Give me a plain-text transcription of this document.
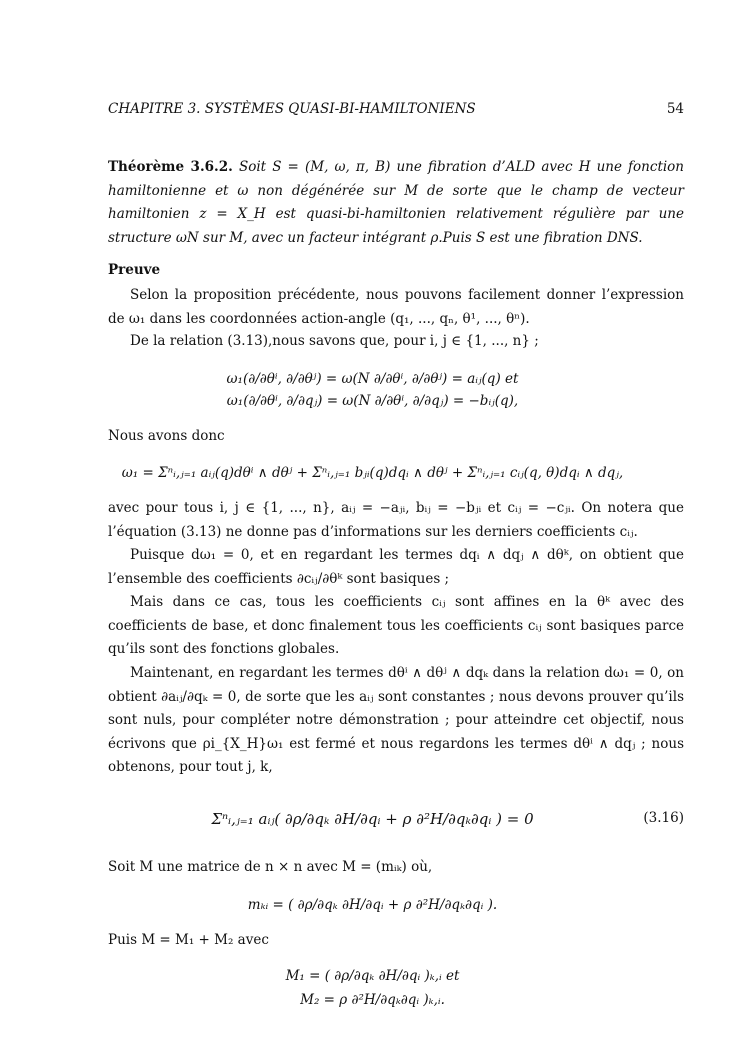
CHAPITRE 3. SYSTÈMES QUASI-BI-HAMILTONIENS	54
Théorème 3.6.2. Soit S = (M, ω, π, B) une fibration d’ALD avec H une fonction hamiltonienne et ω non dégénérée sur M de sorte que le champ de vecteur hamiltonien z = X_H est quasi-bi-hamiltonien relativement régulière par une structure ωN sur M, avec un facteur intégrant ρ.Puis S est une fibration DNS.
Preuve
Selon la proposition précédente, nous pouvons facilement donner l’expression de ω₁ dans les coordonnées action-angle (q₁, ..., qₙ, θ¹, ..., θⁿ).
De la relation (3.13),nous savons que, pour i, j ∈ {1, ..., n} ;
ω₁(∂/∂θⁱ, ∂/∂θʲ) = ω(N ∂/∂θⁱ, ∂/∂θʲ) = aᵢⱼ(q) et
ω₁(∂/∂θⁱ, ∂/∂qⱼ) = ω(N ∂/∂θⁱ, ∂/∂qⱼ) = −bᵢⱼ(q),
Nous avons donc
ω₁ = Σⁿᵢ,ⱼ₌₁ aᵢⱼ(q)dθⁱ ∧ dθʲ + Σⁿᵢ,ⱼ₌₁ bⱼᵢ(q)dqᵢ ∧ dθʲ + Σⁿᵢ,ⱼ₌₁ cᵢⱼ(q, θ)dqᵢ ∧ dqⱼ,
avec pour tous i, j ∈ {1, ..., n}, aᵢⱼ = −aⱼᵢ, bᵢⱼ = −bⱼᵢ et cᵢⱼ = −cⱼᵢ. On notera que l’équation (3.13) ne donne pas d’informations sur les derniers coefficients cᵢⱼ.
Puisque dω₁ = 0, et en regardant les termes dqᵢ ∧ dqⱼ ∧ dθᵏ, on obtient que l’ensemble des coefficients ∂cᵢⱼ/∂θᵏ sont basiques ;
Mais dans ce cas, tous les coefficients cᵢⱼ sont affines en la θᵏ avec des coefficients de base, et donc finalement tous les coefficients cᵢⱼ sont basiques parce qu’ils sont des fonctions globales.
Maintenant, en regardant les termes dθⁱ ∧ dθʲ ∧ dqₖ dans la relation dω₁ = 0, on obtient ∂aᵢⱼ/∂qₖ = 0, de sorte que les aᵢⱼ sont constantes ; nous devons prouver qu’ils sont nuls, pour compléter notre démonstration ; pour atteindre cet objectif, nous écrivons que ρi_{X_H}ω₁ est fermé et nous regardons les termes dθⁱ ∧ dqⱼ ; nous obtenons, pour tout j, k,
Σⁿᵢ,ⱼ₌₁ aᵢⱼ( ∂ρ/∂qₖ ∂H/∂qᵢ + ρ ∂²H/∂qₖ∂qᵢ ) = 0	(3.16)
Soit M une matrice de n × n avec M = (mᵢₖ) où,
mₖᵢ = ( ∂ρ/∂qₖ ∂H/∂qᵢ + ρ ∂²H/∂qₖ∂qᵢ ).
Puis M = M₁ + M₂ avec
M₁ = ( ∂ρ/∂qₖ ∂H/∂qᵢ )ₖ,ᵢ et
M₂ = ρ ∂²H/∂qₖ∂qᵢ )ₖ,ᵢ.
